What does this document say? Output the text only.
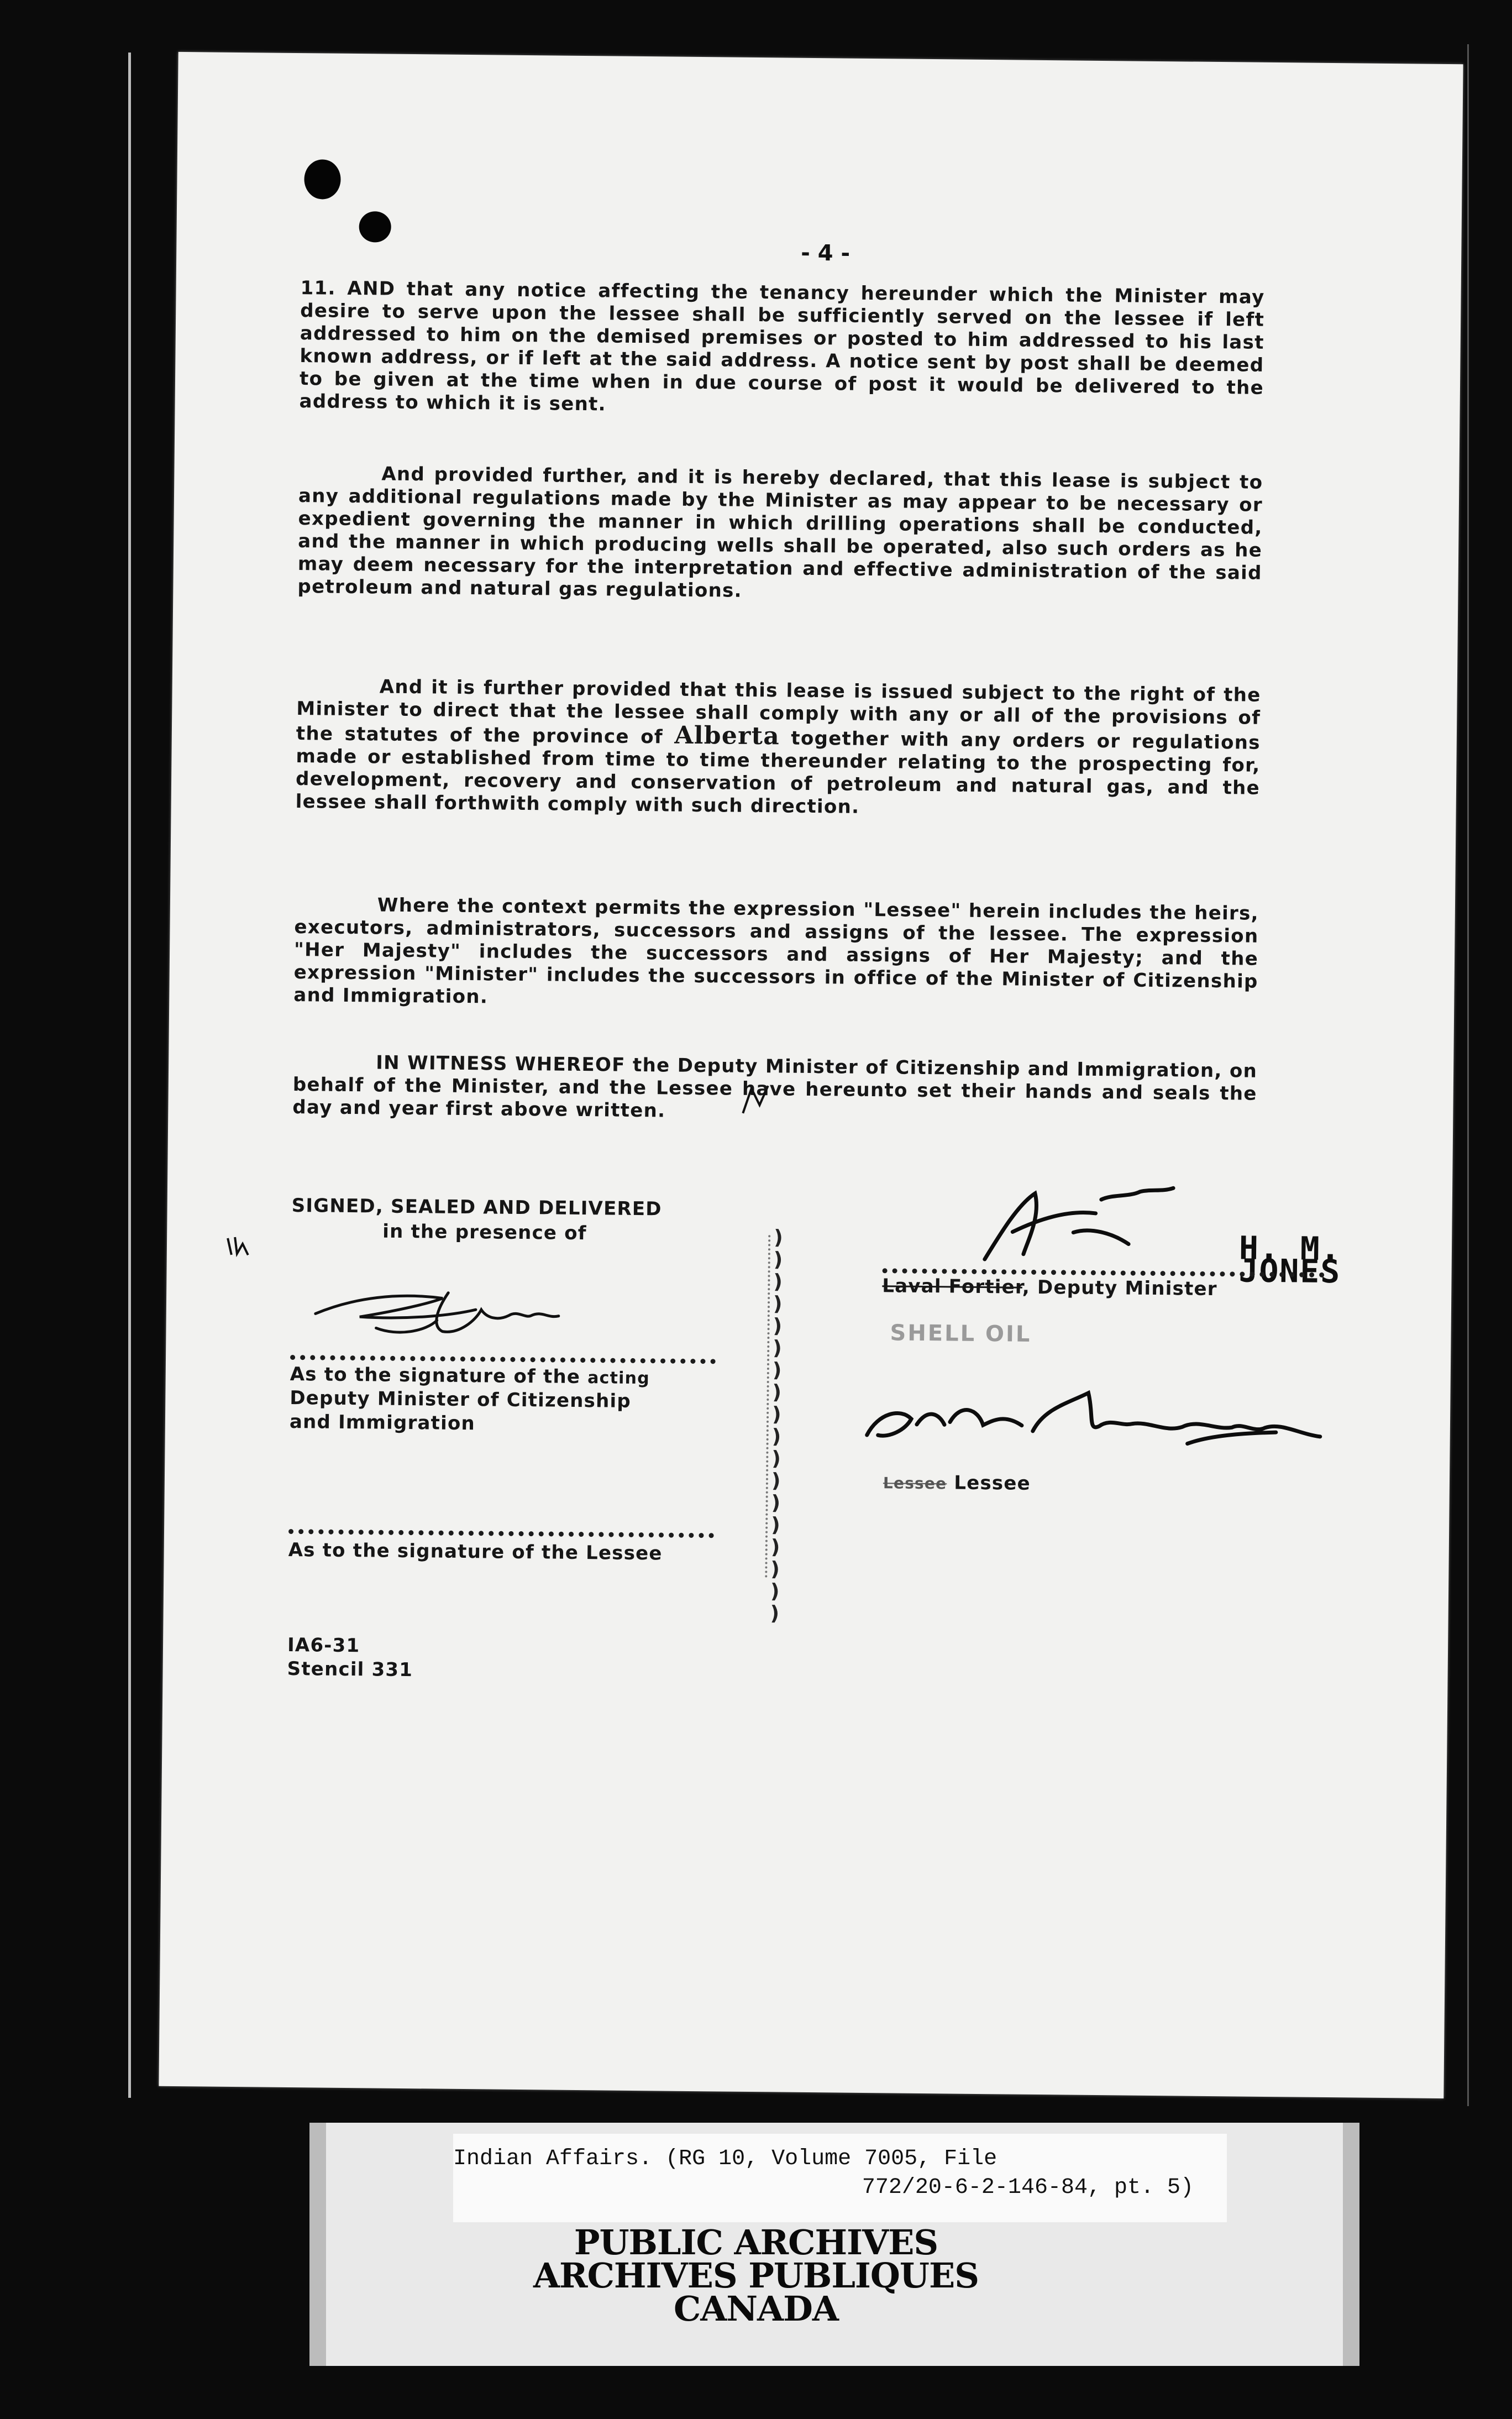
- 4 -

11. AND that any notice affecting the tenancy hereunder which the Minister may desire to serve upon the lessee shall be sufficiently served on the lessee if left addressed to him on the demised premises or posted to him addressed to his last known address, or if left at the said address. A notice sent by post shall be deemed to be given at the time when in due course of post it would be delivered to the address to which it is sent.

And provided further, and it is hereby declared, that this lease is subject to any additional regulations made by the Minister as may appear to be necessary or expedient governing the manner in which drilling operations shall be conducted, and the manner in which producing wells shall be operated, also such orders as he may deem necessary for the interpretation and effective administration of the said petroleum and natural gas regulations.

And it is further provided that this lease is issued subject to the right of the Minister to direct that the lessee shall comply with any or all of the provisions of the statutes of the province of Alberta together with any orders or regulations made or established from time to time thereunder relating to the prospecting for, development, recovery and conservation of petroleum and natural gas, and the lessee shall forthwith comply with such direction.

Where the context permits the expression "Lessee" herein includes the heirs, executors, administrators, successors and assigns of the lessee. The expression "Her Majesty" includes the successors and assigns of Her Majesty; and the expression "Minister" includes the successors in office of the Minister of Citizenship and Immigration.

IN WITNESS WHEREOF the Deputy Minister of Citizenship and Immigration, on behalf of the Minister, and the Lessee have hereunto set their hands and seals the day and year first above written.

SIGNED, SEALED AND DELIVERED
in the presence of
As to the signature of the acting
Deputy Minister of Citizenship
and Immigration
As to the signature of the Lessee
)
)
)
)
)
)
)
)
)
)
)
)
)
)
)
)
)
)
H. M. JONES
Laval Fortier, Deputy Minister
SHELL OIL
Lessee Lessee
IA6-31
Stencil 331
Indian Affairs. (RG 10, Volume 7005, File
772/20-6-2-146-84, pt. 5)
PUBLIC ARCHIVES
ARCHIVES PUBLIQUES
CANADA
